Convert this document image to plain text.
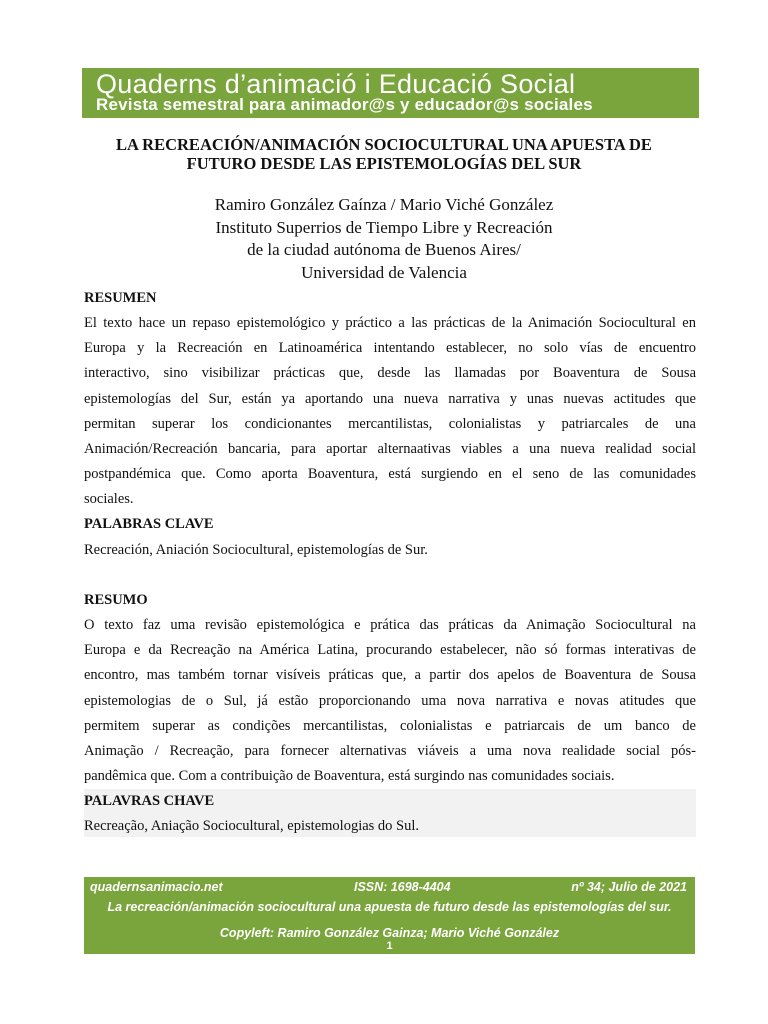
Quaderns d’animació i Educació Social
Revista semestral para animador@s y educador@s sociales
LA RECREACIÓN/ANIMACIÓN SOCIOCULTURAL UNA APUESTA DE
FUTURO DESDE LAS EPISTEMOLOGÍAS DEL SUR
Ramiro González Gaínza / Mario Viché González
Instituto Superrios de Tiempo Libre y Recreación
de la ciudad autónoma de Buenos Aires/
Universidad de Valencia
RESUMEN
El texto hace un repaso epistemológico y práctico a las prácticas de la Animación Sociocultural en
Europa y la Recreación en Latinoamérica intentando establecer, no solo vías de encuentro
interactivo, sino visibilizar prácticas que, desde las llamadas por Boaventura de Sousa
epistemologías del Sur, están ya aportando una nueva narrativa y unas nuevas actitudes que
permitan superar los condicionantes mercantilistas, colonialistas y patriarcales de una
Animación/Recreación bancaria, para aportar alternaativas viables a una nueva realidad social
postpandémica que. Como aporta Boaventura, está surgiendo en el seno de las comunidades
sociales.
PALABRAS CLAVE
Recreación, Aniación Sociocultural, epistemologías de Sur.
RESUMO
O texto faz uma revisão epistemológica e prática das práticas da Animação Sociocultural na
Europa e da Recreação na América Latina, procurando estabelecer, não só formas interativas de
encontro, mas também tornar visíveis práticas que, a partir dos apelos de Boaventura de Sousa
epistemologias de o Sul, já estão proporcionando uma nova narrativa e novas atitudes que
permitem superar as condições mercantilistas, colonialistas e patriarcais de um banco de
Animação / Recreação, para fornecer alternativas viáveis a uma nova realidade social pós-
pandêmica que. Com a contribuição de Boaventura, está surgindo nas comunidades sociais.
PALAVRAS CHAVE
Recreação, Aniação Sociocultural, epistemologias do Sul.
quadernsanimacio.net	ISSN: 1698-4404	nº 34; Julio de 2021
La recreación/animación sociocultural una apuesta de futuro desde las epistemologías del sur.
Copyleft: Ramiro González Gainza; Mario Viché González
1
